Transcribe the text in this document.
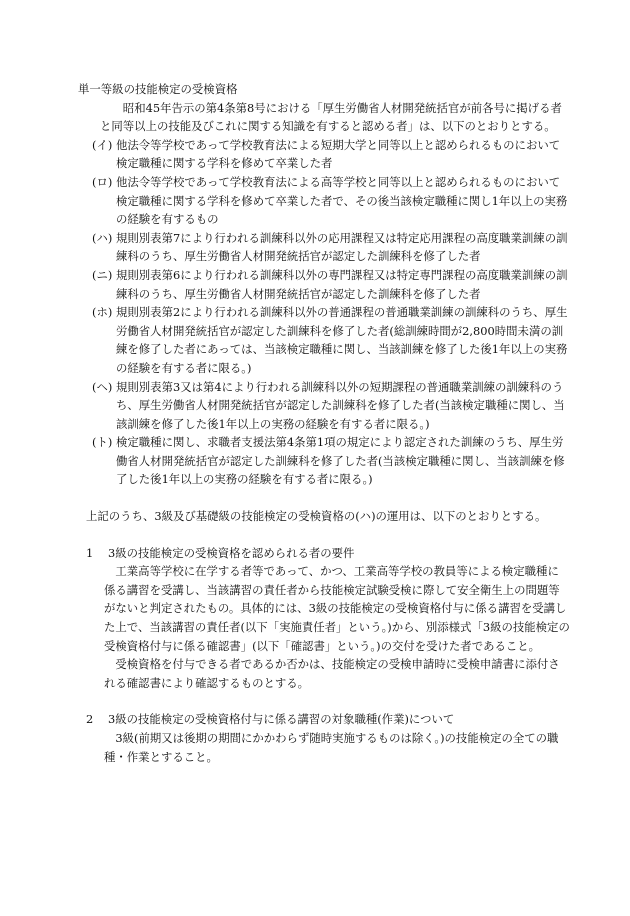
単一等級の技能検定の受検資格

昭和45年告示の第4条第8号における「厚生労働省人材開発統括官が前各号に掲げる者と同等以上の技能及びこれに関する知識を有すると認める者」は、以下のとおりとする。

(イ) 他法令等学校であって学校教育法による短期大学と同等以上と認められるものにおいて検定職種に関する学科を修めて卒業した者

(ロ) 他法令等学校であって学校教育法による高等学校と同等以上と認められるものにおいて検定職種に関する学科を修めて卒業した者で、その後当該検定職種に関し1年以上の実務の経験を有するもの

(ハ) 規則別表第7により行われる訓練科以外の応用課程又は特定応用課程の高度職業訓練の訓練科のうち、厚生労働省人材開発統括官が認定した訓練科を修了した者

(ニ) 規則別表第6により行われる訓練科以外の専門課程又は特定専門課程の高度職業訓練の訓練科のうち、厚生労働省人材開発統括官が認定した訓練科を修了した者

(ホ) 規則別表第2により行われる訓練科以外の普通課程の普通職業訓練の訓練科のうち、厚生労働省人材開発統括官が認定した訓練科を修了した者(総訓練時間が2,800時間未満の訓練を修了した者にあっては、当該検定職種に関し、当該訓練を修了した後1年以上の実務の経験を有する者に限る。)

(ヘ) 規則別表第3又は第4により行われる訓練科以外の短期課程の普通職業訓練の訓練科のうち、厚生労働省人材開発統括官が認定した訓練科を修了した者(当該検定職種に関し、当該訓練を修了した後1年以上の実務の経験を有する者に限る。)

(ト) 検定職種に関し、求職者支援法第4条第1項の規定により認定された訓練のうち、厚生労働省人材開発統括官が認定した訓練科を修了した者(当該検定職種に関し、当該訓練を修了した後1年以上の実務の経験を有する者に限る。)

上記のうち、3級及び基礎級の技能検定の受検資格の(ハ)の運用は、以下のとおりとする。

1 3級の技能検定の受検資格を認められる者の要件

工業高等学校に在学する者等であって、かつ、工業高等学校の教員等による検定職種に係る講習を受講し、当該講習の責任者から技能検定試験受検に際して安全衛生上の問題等がないと判定されたもの。具体的には、3級の技能検定の受検資格付与に係る講習を受講した上で、当該講習の責任者(以下「実施責任者」という。)から、別添様式「3級の技能検定の受検資格付与に係る確認書」(以下「確認書」という。)の交付を受けた者であること。

受検資格を付与できる者であるか否かは、技能検定の受検申請時に受検申請書に添付される確認書により確認するものとする。

2 3級の技能検定の受検資格付与に係る講習の対象職種(作業)について

3級(前期又は後期の期間にかかわらず随時実施するものは除く。)の技能検定の全ての職種・作業とすること。
